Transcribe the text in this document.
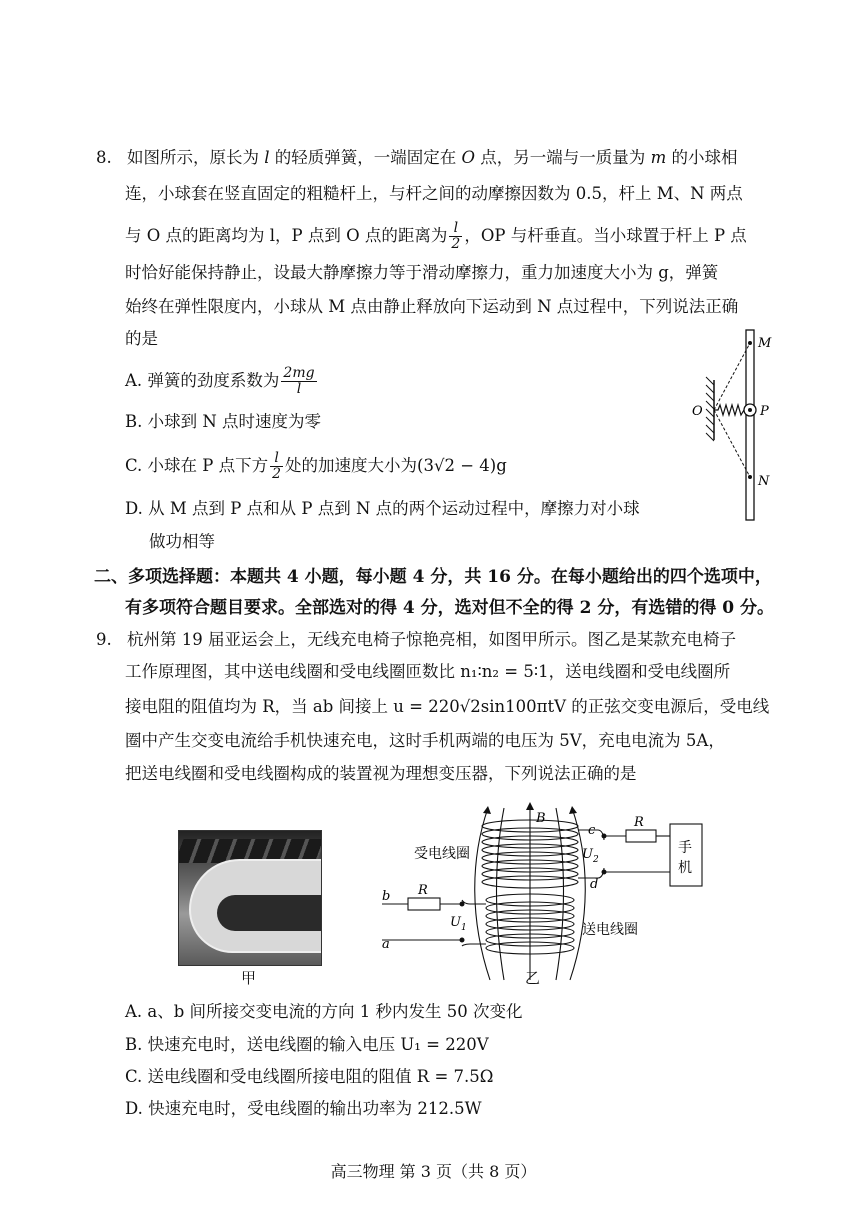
8. 如图所示，原长为 l 的轻质弹簧，一端固定在 O 点，另一端与一质量为 m 的小球相
连，小球套在竖直固定的粗糙杆上，与杆之间的动摩擦因数为 0.5，杆上 M、N 两点
与 O 点的距离均为 l，P 点到 O 点的距离为 $\frac{l}{2}$ ，OP 与杆垂直。当小球置于杆上 P 点
时恰好能保持静止，设最大静摩擦力等于滑动摩擦力，重力加速度大小为 g，弹簧
始终在弹性限度内，小球从 M 点由静止释放向下运动到 N 点过程中，下列说法正确
的是
A. 弹簧的劲度系数为 $\frac{2mg}{l}$
B. 小球到 N 点时速度为零
C. 小球在 P 点下方 $\frac{l}{2}$ 处的加速度大小为(3√2 − 4)g
D. 从 M 点到 P 点和从 P 点到 N 点的两个运动过程中，摩擦力对小球
做功相等
M
O	P
N
二、多项选择题：本题共 4 小题，每小题 4 分，共 16 分。在每小题给出的四个选项中，
有多项符合题目要求。全部选对的得 4 分，选对但不全的得 2 分，有选错的得 0 分。
9. 杭州第 19 届亚运会上，无线充电椅子惊艳亮相，如图甲所示。图乙是某款充电椅子
工作原理图，其中送电线圈和受电线圈匝数比 n₁∶n₂ = 5∶1，送电线圈和受电线圈所
接电阻的阻值均为 R，当 ab 间接上 u = 220√2sin100πtV 的正弦交变电源后，受电线
圈中产生交变电流给手机快速充电，这时手机两端的电压为 5V，充电电流为 5A，
把送电线圈和受电线圈构成的装置视为理想变压器，下列说法正确的是
甲
B
c
d
R
$U_2$
手
机
受电线圈
b
a
R
$U_1$	送电线圈
乙
A. a、b 间所接交变电流的方向 1 秒内发生 50 次变化
B. 快速充电时，送电线圈的输入电压 U₁ = 220V
C. 送电线圈和受电线圈所接电阻的阻值 R = 7.5Ω
D. 快速充电时，受电线圈的输出功率为 212.5W
高三物理 第 3 页（共 8 页）
